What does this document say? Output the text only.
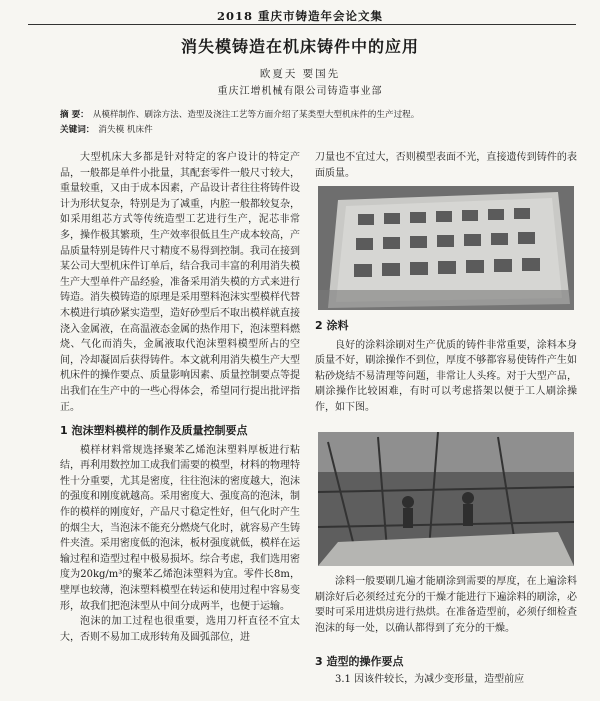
2018 重庆市铸造年会论文集
消失模铸造在机床铸件中的应用
欧夏天 要国先
重庆江增机械有限公司铸造事业部
摘 要： 从模样制作、刷涂方法、造型及浇注工艺等方面介绍了某类型大型机床件的生产过程。
关键词： 消失模 机床件

大型机床大多都是针对特定的客户设计的特定产品，一般都是单件小批量，其配套零件一般尺寸较大，重量较重，又由于成本因素，产品设计者往往将铸件设计为形状复杂，特别是为了减重，内腔一般都较复杂，如采用组芯方式等传统造型工艺进行生产，泥芯非常多，操作极其繁琐，生产效率很低且生产成本较高，产品质量特别是铸件尺寸精度不易得到控制。我司在接到某公司大型机床件订单后，结合我司丰富的利用消失模生产大型单件产品经验，准备采用消失模的方式来进行铸造。消失模铸造的原理是采用塑料泡沫实型模样代替木模进行填砂紧实造型，造好砂型后不取出模样就直接浇入金属液，在高温液态金属的热作用下，泡沫塑料燃烧、气化而消失，金属液取代泡沫塑料模型所占的空间，冷却凝固后获得铸件。本文就利用消失模生产大型机床件的操作要点、质量影响因素、质量控制要点等提出我们在生产中的一些心得体会，希望同行提出批评指正。

1 泡沫塑料模样的制作及质量控制要点

模样材料常规选择聚苯乙烯泡沫塑料厚板进行粘结，再利用数控加工成我们需要的模型，材料的物理特性十分重要，尤其是密度，往往泡沫的密度越大，泡沫的强度和刚度就越高。采用密度大、强度高的泡沫，制作的模样的刚度好，产品尺寸稳定性好，但气化时产生的烟尘大，当泡沫不能充分燃烧气化时，就容易产生铸件夹渣。采用密度低的泡沫，板材强度就低，模样在运输过程和造型过程中极易损坏。综合考虑，我们选用密度为20kg/m³的聚苯乙烯泡沫塑料为宜。零件长8m，壁厚也较薄，泡沫塑料模型在转运和使用过程中容易变形，故我们把泡沫型从中间分成两半，也便于运输。

泡沫的加工过程也很重要，选用刀杆直径不宜太大，否则不易加工成形转角及圆弧部位，进

刀量也不宜过大，否则模型表面不光，直接遗传到铸件的表面质量。

2 涂料

良好的涂料涂刷对生产优质的铸件非常重要，涂料本身质量不好，刷涂操作不到位，厚度不够都容易使铸件产生如粘砂烧结不易清理等问题，非常让人头疼。对于大型产品，刷涂操作比较困难，有时可以考虑搭架以便于工人刷涂操作，如下图。

涂料一般要刷几遍才能刷涂到需要的厚度，在上遍涂料刷涂好后必须经过充分的干燥才能进行下遍涂料的刷涂，必要时可采用进烘房进行热烘。在准备造型前，必须仔细检查泡沫的每一处，以确认都得到了充分的干燥。

3 造型的操作要点

3.1 因该件较长，为减少变形量，造型前应
